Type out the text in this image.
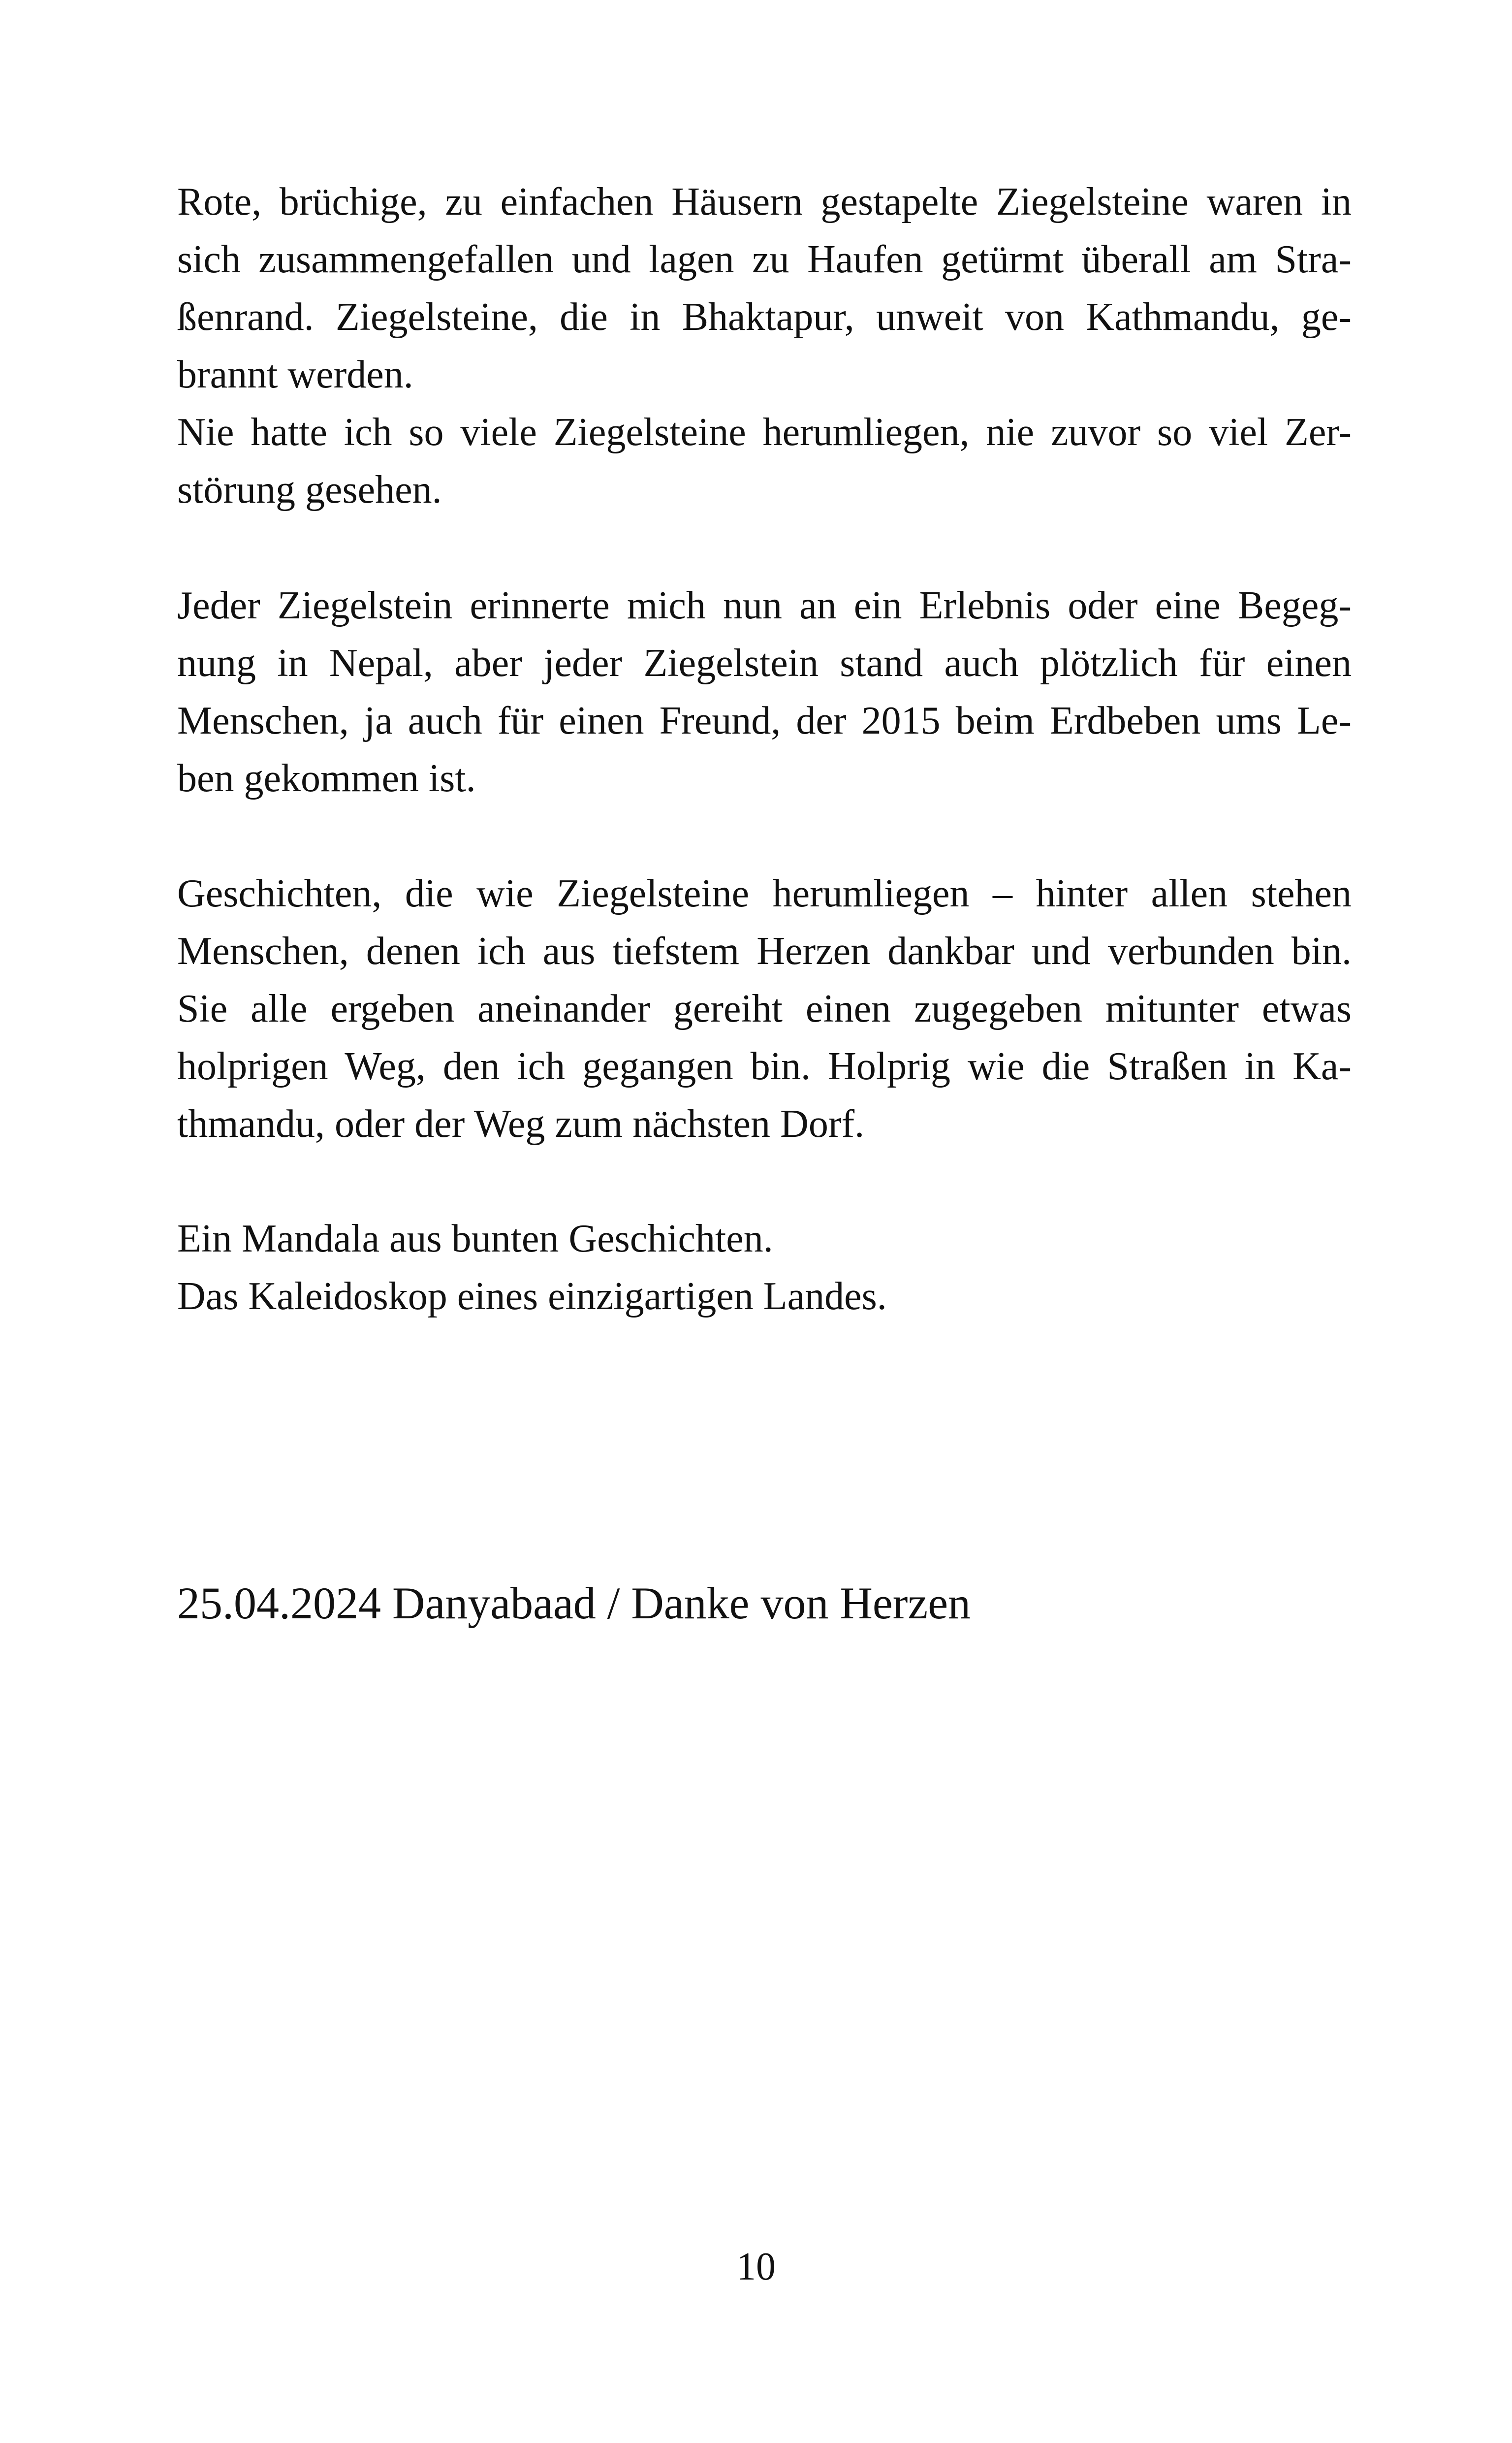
Rote, brüchige, zu einfachen Häusern gestapelte Ziegelsteine waren in
sich zusammengefallen und lagen zu Haufen getürmt überall am Stra-
ßenrand. Ziegelsteine, die in Bhaktapur, unweit von Kathmandu, ge-
brannt werden.
Nie hatte ich so viele Ziegelsteine herumliegen, nie zuvor so viel Zer-
störung gesehen.
Jeder Ziegelstein erinnerte mich nun an ein Erlebnis oder eine Begeg-
nung in Nepal, aber jeder Ziegelstein stand auch plötzlich für einen
Menschen, ja auch für einen Freund, der 2015 beim Erdbeben ums Le-
ben gekommen ist.
Geschichten, die wie Ziegelsteine herumliegen – hinter allen stehen
Menschen, denen ich aus tiefstem Herzen dankbar und verbunden bin.
Sie alle ergeben aneinander gereiht einen zugegeben mitunter etwas
holprigen Weg, den ich gegangen bin. Holprig wie die Straßen in Ka-
thmandu, oder der Weg zum nächsten Dorf.
Ein Mandala aus bunten Geschichten.
Das Kaleidoskop eines einzigartigen Landes.
25.04.2024 Danyabaad / Danke von Herzen
10
